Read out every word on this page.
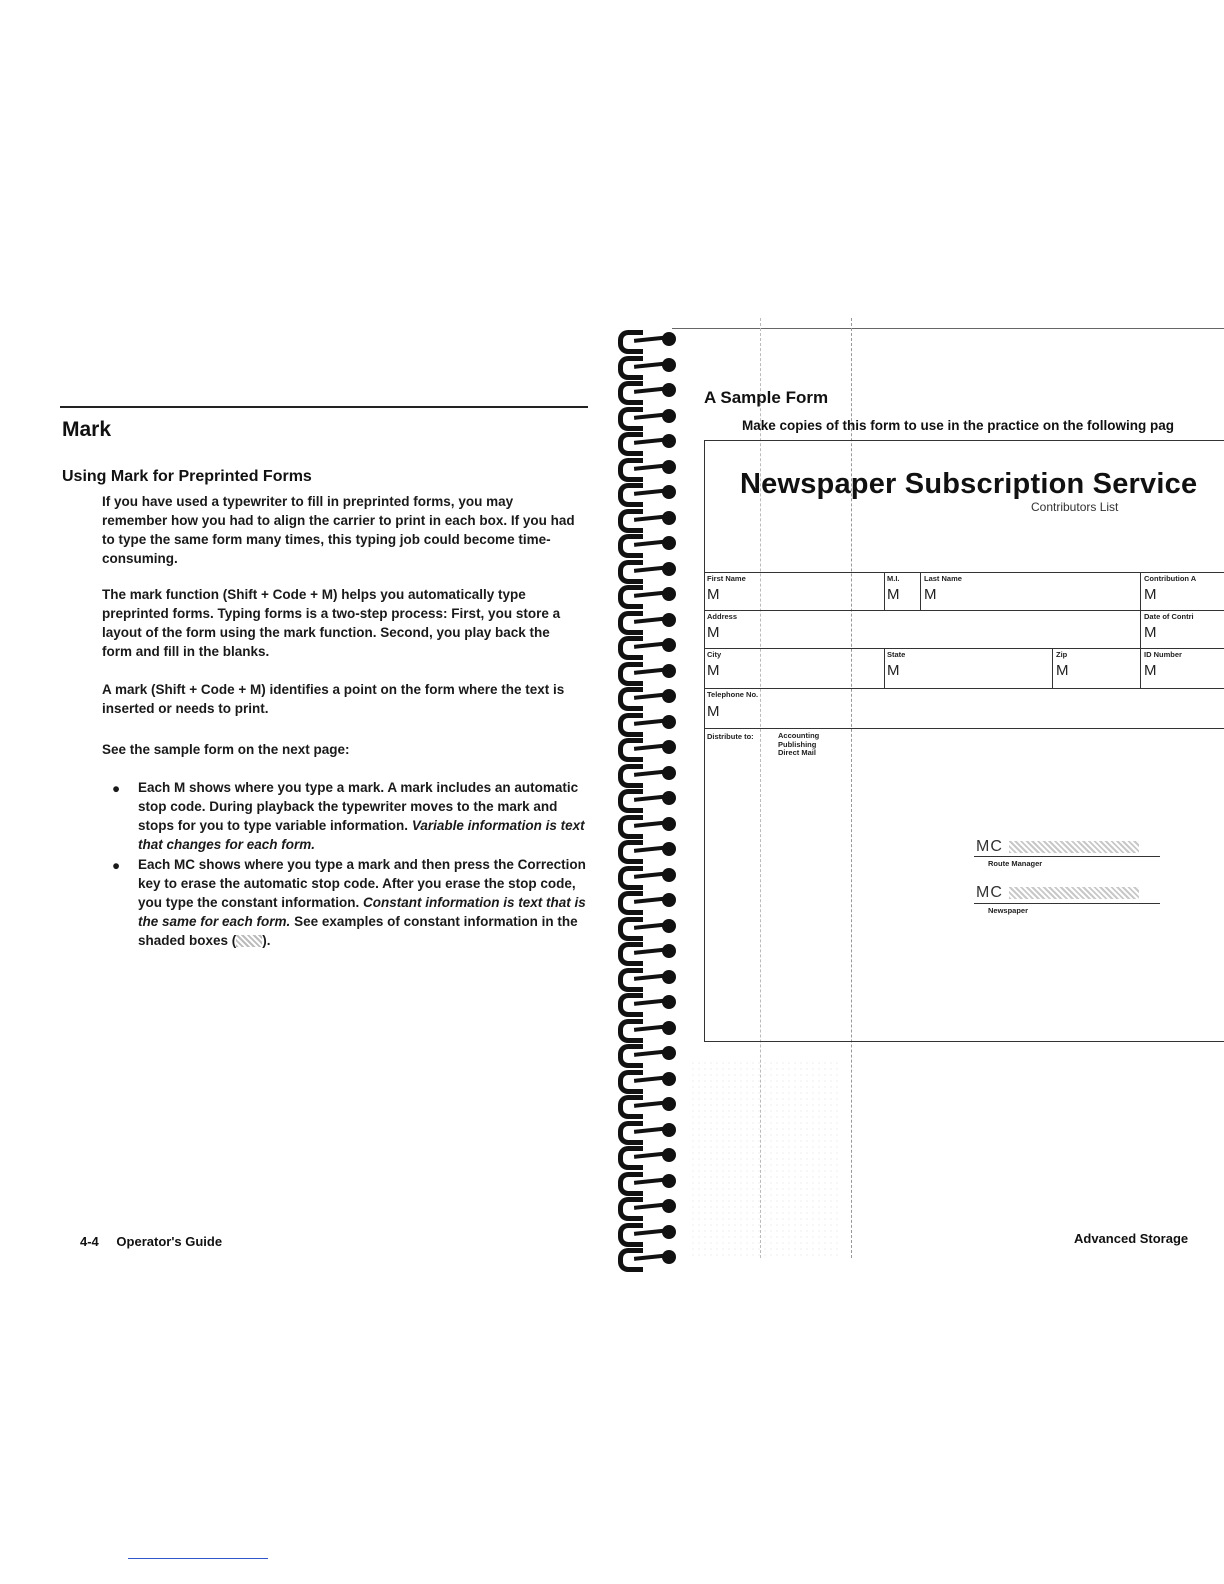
Mark
Using Mark for Preprinted Forms
If you have used a typewriter to fill in preprinted forms, you may remember how you had to align the carrier to print in each box. If you had to type the same form many times, this typing job could become time-consuming.
The mark function (Shift + Code + M) helps you automatically type preprinted forms. Typing forms is a two-step process: First, you store a layout of the form using the mark function. Second, you play back the form and fill in the blanks.
A mark (Shift + Code + M) identifies a point on the form where the text is inserted or needs to print.
See the sample form on the next page:
● Each M shows where you type a mark. A mark includes an automatic stop code. During playback the typewriter moves to the mark and stops for you to type variable information. Variable information is text that changes for each form.
● Each MC shows where you type a mark and then press the Correction key to erase the automatic stop code. After you erase the stop code, you type the constant information. Constant information is text that is the same for each form. See examples of constant information in the shaded boxes ( ).
4-4 Operator's Guide
A Sample Form
Make copies of this form to use in the practice on the following pag
Newspaper Subscription Service
Contributors List
First Name
M
M.I.
M
Last Name
M
Contribution A
M
Address
M
Date of Contri
M
City
M
State
M
Zip
M
ID Number
M
Telephone No.
M
Distribute to:	Accounting
Publishing
Direct Mail
MC
Route Manager
MC
Newspaper
Advanced Storage
